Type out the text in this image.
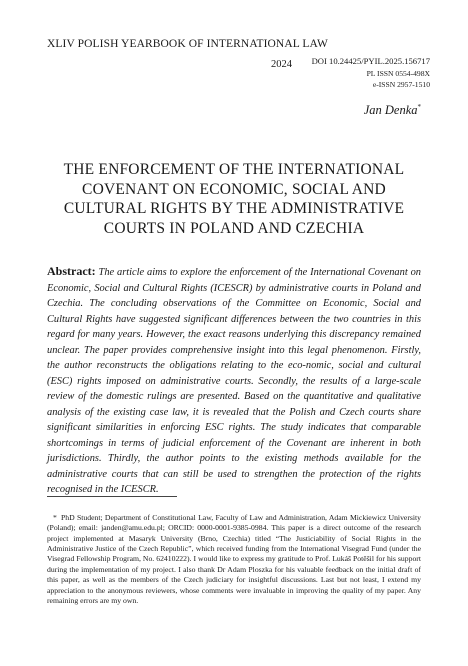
XLIV POLISH YEARBOOK OF INTERNATIONAL LAW
2024 DOI 10.24425/PYIL.2025.156717
PL ISSN 0554-498X
e-ISSN 2957-1510
Jan Denka*
THE ENFORCEMENT OF THE INTERNATIONAL COVENANT ON ECONOMIC, SOCIAL AND CULTURAL RIGHTS BY THE ADMINISTRATIVE COURTS IN POLAND AND CZECHIA

Abstract: The article aims to explore the enforcement of the International Covenant on Economic, Social and Cultural Rights (ICESCR) by administrative courts in Poland and Czechia. The concluding observations of the Committee on Economic, Social and Cultural Rights have suggested significant differences between the two countries in this regard for many years. However, the exact reasons underlying this discrepancy remained unclear. The paper provides comprehensive insight into this legal phenomenon. Firstly, the author reconstructs the obligations relating to the eco-nomic, social and cultural (ESC) rights imposed on administrative courts. Secondly, the results of a large-scale review of the domestic rulings are presented. Based on the quantitative and qualitative analysis of the existing case law, it is revealed that the Polish and Czech courts share significant similarities in enforcing ESC rights. The study indicates that comparable shortcomings in terms of judicial enforcement of the Covenant are inherent in both jurisdictions. Thirdly, the author points to the existing methods available for the administrative courts that can still be used to strengthen the protection of the rights recognised in the ICESCR.

* PhD Student; Department of Constitutional Law, Faculty of Law and Administration, Adam Mickiewicz University (Poland); email: janden@amu.edu.pl; ORCID: 0000-0001-9385-0984. This paper is a direct outcome of the research project implemented at Masaryk University (Brno, Czechia) titled “The Justiciability of Social Rights in the Administrative Justice of the Czech Republic”, which received funding from the International Visegrad Fund (under the Visegrad Fellowship Program, No. 62410222). I would like to express my gratitude to Prof. Lukáš Potěšil for his support during the implementation of my project. I also thank Dr Adam Ploszka for his valuable feedback on the initial draft of this paper, as well as the members of the Czech judiciary for insightful discussions. Last but not least, I extend my appreciation to the anonymous reviewers, whose comments were invaluable in improving the quality of my paper. Any remaining errors are my own.
